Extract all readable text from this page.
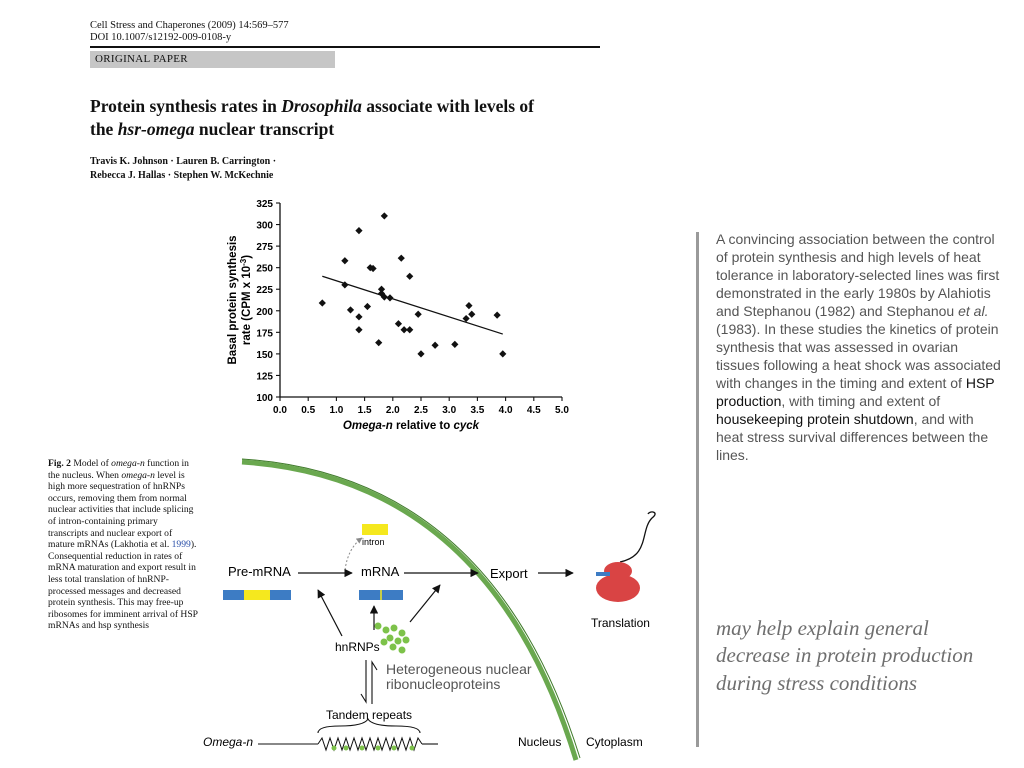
Cell Stress and Chaperones (2009) 14:569–577
DOI 10.1007/s12192-009-0108-y
ORIGINAL PAPER
Protein synthesis rates in Drosophila associate with levels of the hsr-omega nuclear transcript
Travis K. Johnson · Lauren B. Carrington ·
Rebecca J. Hallas · Stephen W. McKechnie
100
125
150
175
200
225
250
275
300
325
0.0 0.5 1.0 1.5 2.0 2.5 3.0 3.5 4.0 4.5 5.0
Omega-n relative to cyck
Basal protein synthesis rate (CPM x $10^{-3}$)
Fig. 2 Model of omega-n function in the nucleus. When omega-n level is high more sequestration of hnRNPs occurs, removing them from normal nuclear activities that include splicing of intron-containing primary transcripts and nuclear export of mature mRNAs (Lakhotia et al. 1999). Consequential reduction in rates of mRNA maturation and export result in less total translation of hnRNP-processed messages and decreased protein synthesis. This may free-up ribosomes for imminent arrival of HSP mRNAs and hsp synthesis
intron
Pre-mRNA	mRNA	Export
Translation
hnRNPs
Tandem repeats
Omega-n	Nucleus Cytoplasm
Heterogeneous nuclear
ribonucleoproteins
A convincing association between the control of protein synthesis and high levels of heat tolerance in laboratory-selected lines was first demonstrated in the early 1980s by Alahiotis and Stephanou (1982) and Stephanou et al. (1983). In these studies the kinetics of protein synthesis that was assessed in ovarian tissues following a heat shock was associated with changes in the timing and extent of HSP production, with timing and extent of housekeeping protein shutdown, and with heat stress survival differences between the lines.
may help explain general decrease in protein production during stress conditions
